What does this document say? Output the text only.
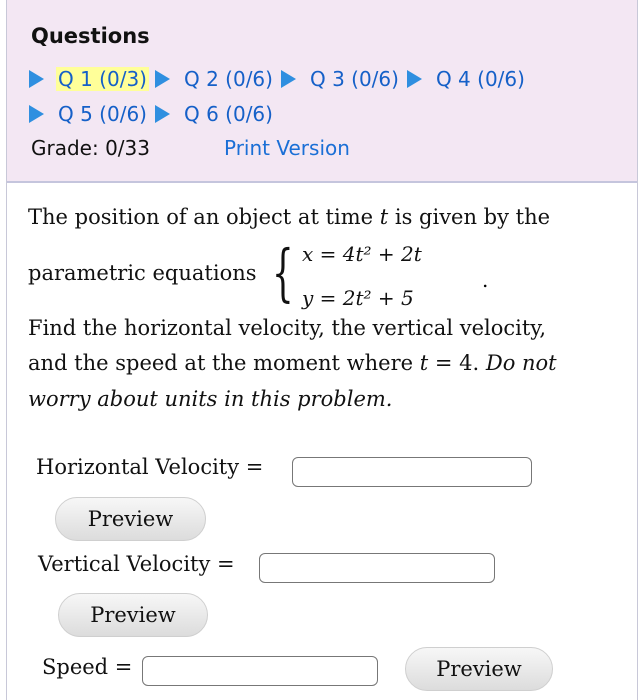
Questions
Q 1 (0/3) Q 2 (0/6) Q 3 (0/6) Q 4 (0/6)
Q 5 (0/6) Q 6 (0/6)
Grade: 0/33	Print Version
The position of an object at time t is given by the
parametric equations { x = 4t² + 2t
y = 2t² + 5
.
Find the horizontal velocity, the vertical velocity,
and the speed at the moment where t = 4. Do not
worry about units in this problem.
Horizontal Velocity =
Preview
Vertical Velocity =
Preview
Speed =	Preview
